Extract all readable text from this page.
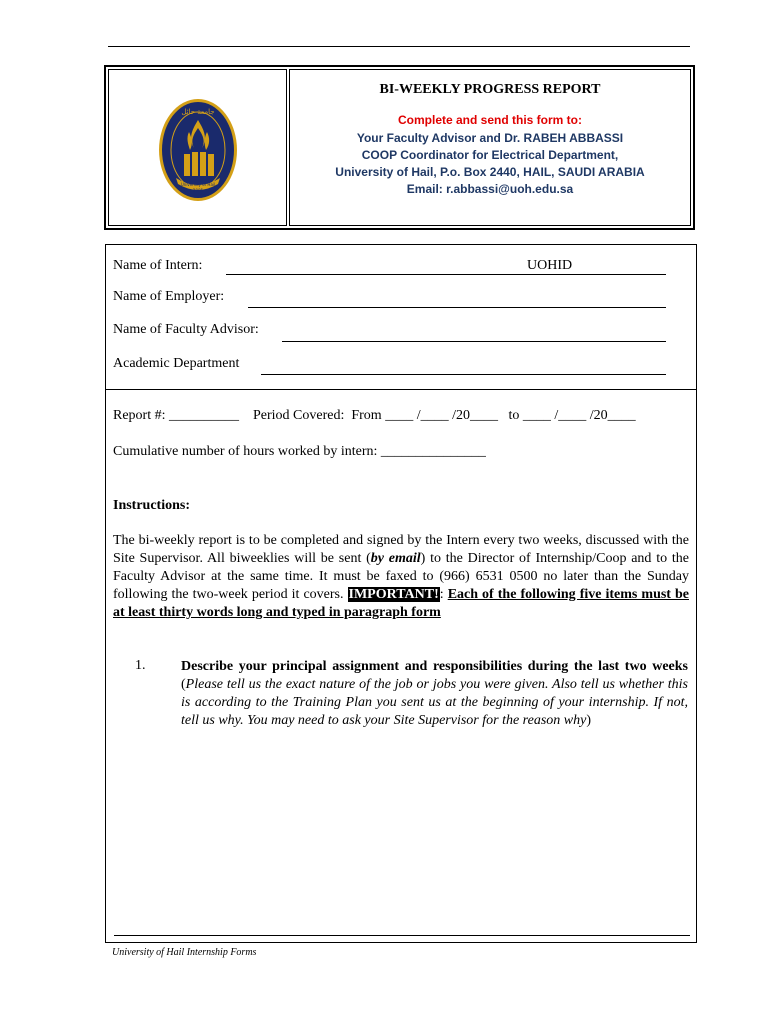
جامعة حائل
University of Hail
2005
BI-WEEKLY PROGRESS REPORT
Complete and send this form to:
Your Faculty Advisor and Dr. RABEH ABBASSI
COOP Coordinator for Electrical Department,
University of Hail, P.o. Box 2440, HAIL, SAUDI ARABIA
Email: r.abbassi@uoh.edu.sa
Name of Intern:	UOHID
Name of Employer:
Name of Faculty Advisor:
Academic Department
Report #: __________    Period Covered:  From ____ /____ /20____   to ____ /____ /20____
Cumulative number of hours worked by intern: _______________
Instructions:
The bi-weekly report is to be completed and signed by the Intern every two weeks, discussed with the Site Supervisor. All biweeklies will be sent (by email) to the Director of Internship/Coop and to the Faculty Advisor at the same time. It must be faxed to (966) 6531 0500 no later than the Sunday following the two-week period it covers. IMPORTANT!: Each of the following five items must be at least thirty words long and typed in paragraph form
1.	Describe your principal assignment and responsibilities during the last two weeks (Please tell us the exact nature of the job or jobs you were given. Also tell us whether this is according to the Training Plan you sent us at the beginning of your internship. If not, tell us why. You may need to ask your Site Supervisor for the reason why)
University of Hail Internship Forms
